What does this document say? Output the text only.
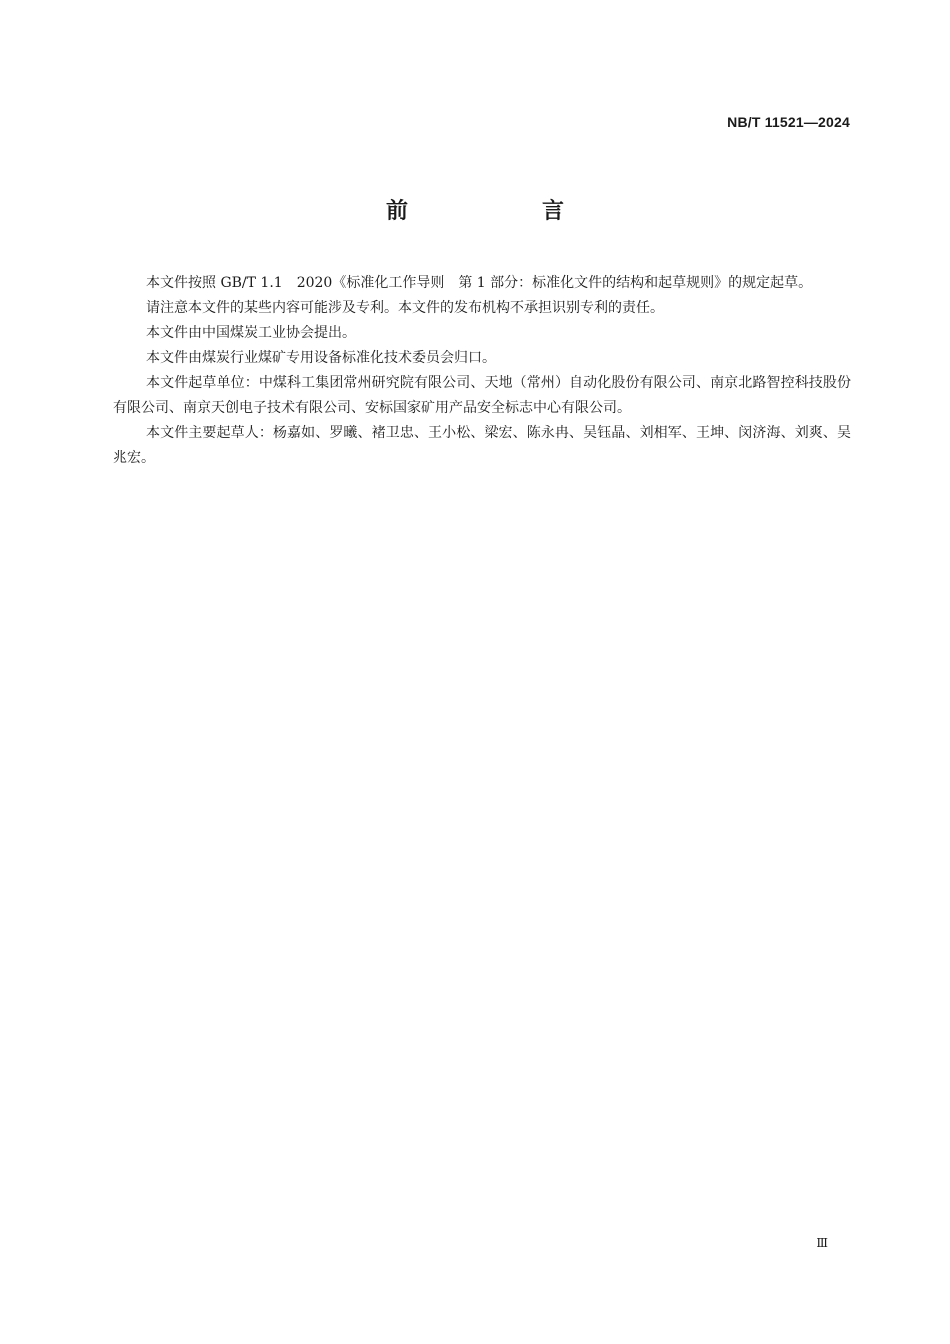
NB/T 11521—2024
前　言

本文件按照 GB/T 1.1　2020《标准化工作导则　第 1 部分：标准化文件的结构和起草规则》的规定起草。

请注意本文件的某些内容可能涉及专利。本文件的发布机构不承担识别专利的责任。

本文件由中国煤炭工业协会提出。

本文件由煤炭行业煤矿专用设备标准化技术委员会归口。

本文件起草单位：中煤科工集团常州研究院有限公司、天地（常州）自动化股份有限公司、南京北路智控科技股份有限公司、南京天创电子技术有限公司、安标国家矿用产品安全标志中心有限公司。

本文件主要起草人：杨嘉如、罗曦、褚卫忠、王小松、梁宏、陈永冉、吴钰晶、刘相军、王坤、闵济海、刘爽、吴兆宏。

Ⅲ
